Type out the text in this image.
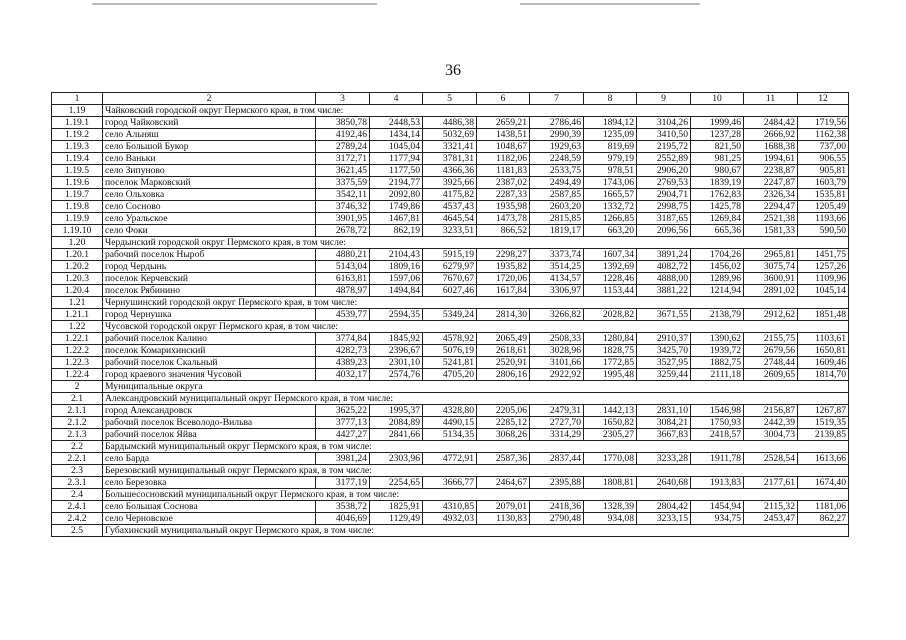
36
1	2	3	4	5	6	7	8	9	10	11	12
1.19	Чайковский городской округ Пермского края, в том числе:										
1.19.1	город Чайковский	3850,78	2448,53	4486,38	2659,21	2786,46	1894,12	3104,26	1999,46	2484,42	1719,56
1.19.2	село Альняш	4192,46	1434,14	5032,69	1438,51	2990,39	1235,09	3410,50	1237,28	2666,92	1162,38
1.19.3	село Большой Букор	2789,24	1045,04	3321,41	1048,67	1929,63	819,69	2195,72	821,50	1688,38	737,00
1.19.4	село Ваньки	3172,71	1177,94	3781,31	1182,06	2248,59	979,19	2552,89	981,25	1994,61	906,55
1.19.5	село Зипуново	3621,45	1177,50	4366,36	1181,83	2533,75	978,51	2906,20	980,67	2238,87	905,81
1.19.6	поселок Марковский	3375,59	2194,77	3925,66	2387,02	2494,49	1743,06	2769,53	1839,19	2247,87	1603,79
1.19.7	село Ольховка	3542,11	2092,80	4175,82	2287,33	2587,85	1665,57	2904,71	1762,83	2326,34	1535,81
1.19.8	село Сосново	3746,32	1749,86	4537,43	1935,98	2603,20	1332,72	2998,75	1425,78	2294,47	1205,49
1.19.9	село Уральское	3901,95	1467,81	4645,54	1473,78	2815,85	1266,85	3187,65	1269,84	2521,38	1193,66
1.19.10	село Фоки	2678,72	862,19	3233,51	866,52	1819,17	663,20	2096,56	665,36	1581,33	590,50
1.20	Чердынский городской округ Пермского края, в том числе:										
1.20.1	рабочий поселок Ныроб	4880,21	2104,43	5915,19	2298,27	3373,74	1607,34	3891,24	1704,26	2965,81	1451,75
1.20.2	город Чердынь	5143,04	1809,16	6279,97	1935,82	3514,25	1392,69	4082,72	1456,02	3075,74	1257,26
1.20.3	поселок Керчевский	6163,81	1597,06	7670,67	1720,06	4134,57	1228,46	4888,00	1289,96	3600,91	1109,96
1.20.4	поселок Рябинино	4878,97	1494,84	6027,46	1617,84	3306,97	1153,44	3881,22	1214,94	2891,02	1045,14
1.21	Чернушинский городской округ Пермского края, в том числе:										
1.21.1	город Чернушка	4539,77	2594,35	5349,24	2814,30	3266,82	2028,82	3671,55	2138,79	2912,62	1851,48
1.22	Чусовской городской округ Пермского края, в том числе:										
1.22.1	рабочий поселок Калино	3774,84	1845,92	4578,92	2065,49	2508,33	1280,84	2910,37	1390,62	2155,75	1103,61
1.22.2	поселок Комарихинский	4282,73	2396,67	5076,19	2618,61	3028,96	1828,75	3425,70	1939,72	2679,56	1650,81
1.22.3	рабочий поселок Скальный	4389,23	2301,10	5241,81	2520,91	3101,66	1772,85	3527,95	1882,75	2748,44	1609,46
1.22.4	город краевого значения Чусовой	4032,17	2574,76	4705,20	2806,16	2922,92	1995,48	3259,44	2111,18	2609,65	1814,70
2	Муниципальные округа										
2.1	Александровский муниципальный округ Пермского края, в том числе:										
2.1.1	город Александровск	3625,22	1995,37	4328,80	2205,06	2479,31	1442,13	2831,10	1546,98	2156,87	1267,87
2.1.2	рабочий поселок Всеволодо-Вильва	3777,13	2084,89	4490,15	2285,12	2727,70	1650,82	3084,21	1750,93	2442,39	1519,35
2.1.3	рабочий поселок Яйва	4427,27	2841,66	5134,35	3068,26	3314,29	2305,27	3667,83	2418,57	3004,73	2139,85
2.2	Бардымский муниципальный округ Пермского края, в том числе:										
2.2.1	село Барда	3981,24	2303,96	4772,91	2587,36	2837,44	1770,08	3233,28	1911,78	2528,54	1613,66
2.3	Березовский муниципальный округ Пермского края, в том числе:										
2.3.1	село Березовка	3177,19	2254,65	3666,77	2464,67	2395,88	1808,81	2640,68	1913,83	2177,61	1674,40
2.4	Большесосновский муниципальный округ Пермского края, в том числе:										
2.4.1	село Большая Соснова	3538,72	1825,91	4310,85	2079,01	2418,36	1328,39	2804,42	1454,94	2115,32	1181,06
2.4.2	село Черновское	4046,69	1129,49	4932,03	1130,83	2790,48	934,08	3233,15	934,75	2453,47	862,27
2.5	Губахинский муниципальный округ Пермского края, в том числе:										
